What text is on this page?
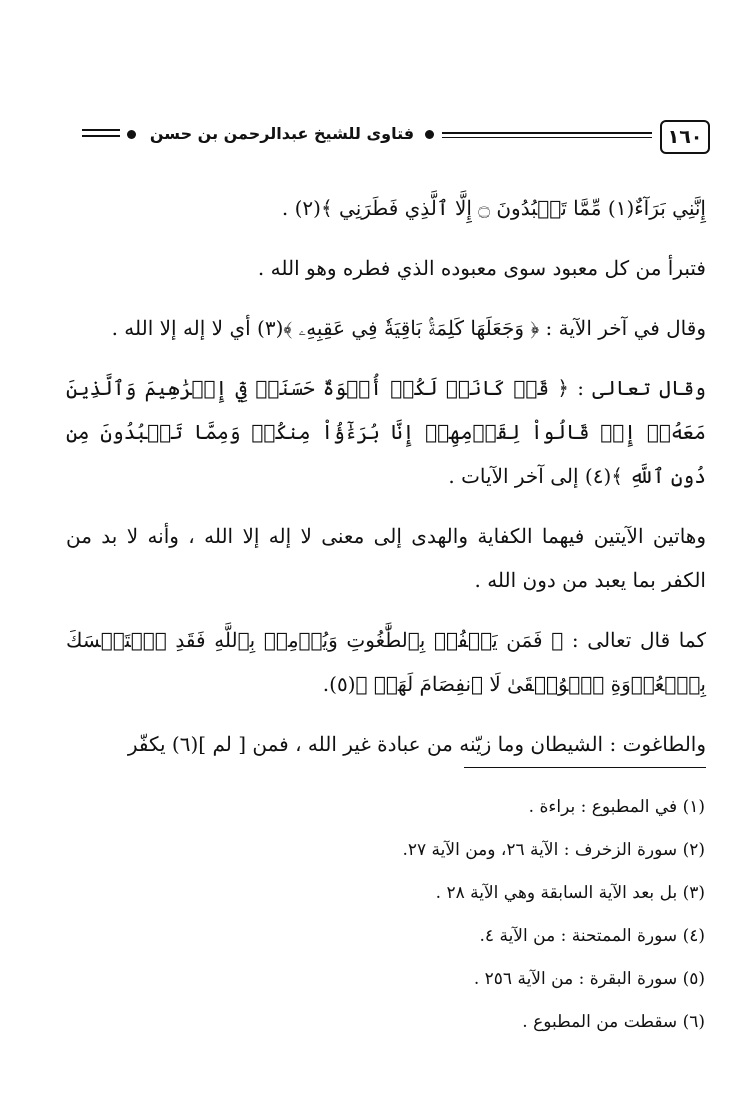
١٦٠
فتاوى للشيخ عبدالرحمن بن حسن

إِنَّنِي بَرَآءٌ(١) مِّمَّا تَعۡبُدُونَ ۝ إِلَّا ٱلَّذِي فَطَرَنِي ﴾(٢) .

فتبرأ من كل معبود سوى معبوده الذي فطره وهو الله .

وقال في آخر الآية : ﴿ وَجَعَلَهَا كَلِمَةَۢ بَاقِيَةٗ فِي عَقِبِهِۦ ﴾(٣) أي لا إله إلا الله .

وقال تعالى : ﴿ قَدۡ كَانَتۡ لَكُمۡ أُسۡوَةٌ حَسَنَةٞ فِيٓ إِبۡرَٰهِيمَ وَٱلَّذِينَ مَعَهُۥٓ إِذۡ قَالُواْ لِقَوۡمِهِمۡ إِنَّا بُرَءَٰٓؤُاْ مِنكُمۡ وَمِمَّا تَعۡبُدُونَ مِن دُونِ ٱللَّهِ ﴾(٤) إلى آخر الآيات .

وهاتين الآيتين فيهما الكفاية والهدى إلى معنى لا إله إلا الله ، وأنه لا بد من الكفر بما يعبد من دون الله .

كما قال تعالى : ﴿ فَمَن يَكۡفُرۡ بِٱلطَّٰغُوتِ وَيُؤۡمِنۢ بِٱللَّهِ فَقَدِ ٱسۡتَمۡسَكَ بِٱلۡعُرۡوَةِ ٱلۡوُثۡقَىٰ لَا ٱنفِصَامَ لَهَاۗ ﴾(٥).

والطاغوت : الشيطان وما زيّنه من عبادة غير الله ، فمن [ لم ](٦) يكفّر

(١) في المطبوع : براءة .

(٢) سورة الزخرف : الآية ٢٦، ومن الآية ٢٧.

(٣) بل بعد الآية السابقة وهي الآية ٢٨ .

(٤) سورة الممتحنة : من الآية ٤.

(٥) سورة البقرة : من الآية ٢٥٦ .

(٦) سقطت من المطبوع .
